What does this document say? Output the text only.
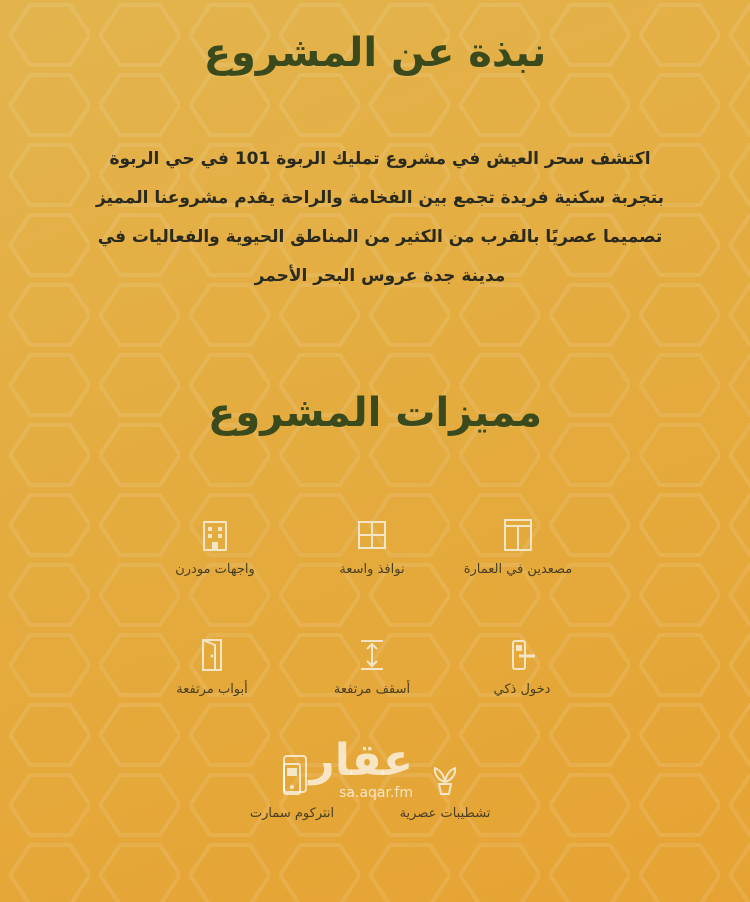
نبذة عن المشروع

اكتشف سحر العيش في مشروع تمليك الربوة 101 في حي الربوة بتجربة سكنية فريدة تجمع بين الفخامة والراحة يقدم مشروعنا المميز تصميما عصريًا بالقرب من الكثير من المناطق الحيوية والفعاليات في مدينة جدة عروس البحر الأحمر

مميزات المشروع
مصعدين في العمارة
نوافذ واسعة
واجهات مودرن
دخول ذكي
أسقف مرتفعة
أبواب مرتفعة
تشطيبات عصرية
انتركوم سمارت
عقار
sa.aqar.fm
